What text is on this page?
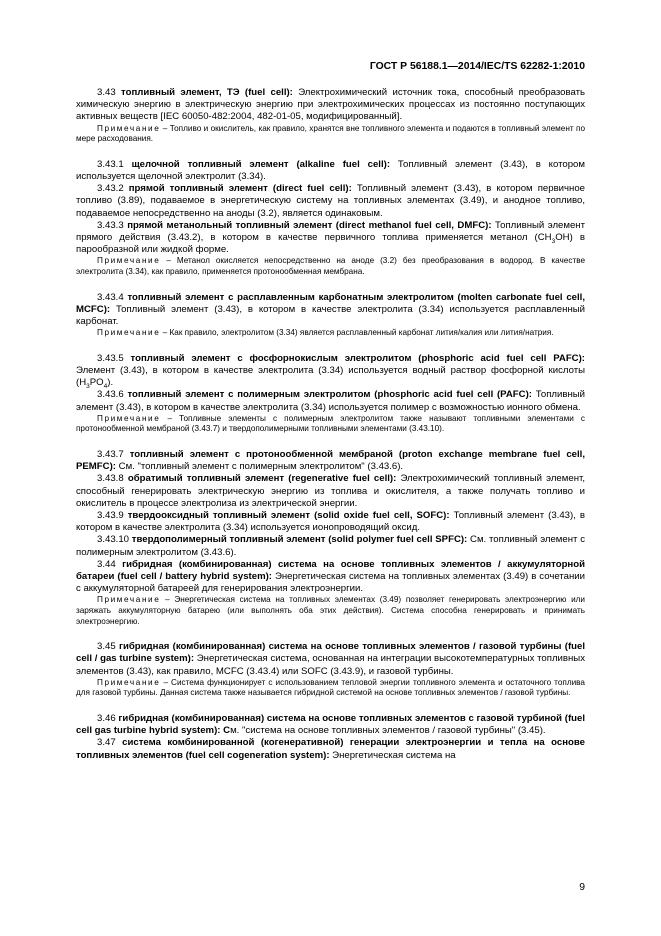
ГОСТ Р 56188.1—2014/IEC/TS 62282-1:2010

3.43 топливный элемент, ТЭ (fuel cell): Электрохимический источник тока, способный преобразовать химическую энергию в электрическую энергию при электрохимических процессах из постоянно поступающих активных веществ [IEC 60050-482:2004, 482-01-05, модифицированный].

Примечание – Топливо и окислитель, как правило, хранятся вне топливного элемента и подаются в топливный элемент по мере расходования.

3.43.1 щелочной топливный элемент (alkaline fuel cell): Топливный элемент (3.43), в котором используется щелочной электролит (3.34).

3.43.2 прямой топливный элемент (direct fuel cell): Топливный элемент (3.43), в котором первичное топливо (3.89), подаваемое в энергетическую систему на топливных элементах (3.49), и анодное топливо, подаваемое непосредственно на аноды (3.2), является одинаковым.

3.43.3 прямой метанольный топливный элемент (direct methanol fuel cell, DMFC): Топливный элемент прямого действия (3.43.2), в котором в качестве первичного топлива применяется метанол $(CH_3OH)$ в парообразной или жидкой форме.

Примечание – Метанол окисляется непосредственно на аноде (3.2) без преобразования в водород. В качестве электролита (3.34), как правило, применяется протонообменная мембрана.

3.43.4 топливный элемент с расплавленным карбонатным электролитом (molten carbonate fuel cell, MCFC): Топливный элемент (3.43), в котором в качестве электролита (3.34) используется расплавленный карбонат.

Примечание – Как правило, электролитом (3.34) является расплавленный карбонат лития/калия или лития/натрия.

3.43.5 топливный элемент с фосфорнокислым электролитом (phosphoric acid fuel cell PAFC): Элемент (3.43), в котором в качестве электролита (3.34) используется водный раствор фосфорной кислоты $(H_3PO_4)$.

3.43.6 топливный элемент с полимерным электролитом (phosphoric acid fuel cell (PAFC): Топливный элемент (3.43), в котором в качестве электролита (3.34) используется полимер с возможностью ионного обмена.

Примечание – Топливные элементы с полимерным электролитом также называют топливными элементами с протонообменной мембраной (3.43.7) и твердополимерными топливными элементами (3.43.10).

3.43.7 топливный элемент с протонообменной мембраной (proton exchange membrane fuel cell, PEMFC): См. "топливный элемент с полимерным электролитом" (3.43.6).

3.43.8 обратимый топливный элемент (regenerative fuel cell): Электрохимический топливный элемент, способный генерировать электрическую энергию из топлива и окислителя, а также получать топливо и окислитель в процессе электролиза из электрической энергии.

3.43.9 твердооксидный топливный элемент (solid oxide fuel cell, SOFC): Топливный элемент (3.43), в котором в качестве электролита (3.34) используется ионопроводящий оксид.

3.43.10 твердополимерный топливный элемент (solid polymer fuel cell SPFC): См. топливный элемент с полимерным электролитом (3.43.6).

3.44 гибридная (комбинированная) система на основе топливных элементов / аккумуляторной батареи (fuel cell / battery hybrid system): Энергетическая система на топливных элементах (3.49) в сочетании с аккумуляторной батареей для генерирования электроэнергии.

Примечание – Энергетическая система на топливных элементах (3.49) позволяет генерировать электроэнергию или заряжать аккумуляторную батарею (или выполнять оба этих действия). Система способна генерировать и принимать электроэнергию.

3.45 гибридная (комбинированная) система на основе топливных элементов / газовой турбины (fuel cell / gas turbine system): Энергетическая система, основанная на интеграции высокотемпературных топливных элементов (3.43), как правило, MCFC (3.43.4) или SOFC (3.43.9), и газовой турбины.

Примечание – Система функционирует с использованием тепловой энергии топливного элемента и остаточного топлива для газовой турбины. Данная система также называется гибридной системой на основе топливных элементов / газовой турбины.

3.46 гибридная (комбинированная) система на основе топливных элементов с газовой турбиной (fuel cell gas turbine hybrid system): См. "система на основе топливных элементов / газовой турбины" (3.45).

3.47 система комбинированной (когенеративной) генерации электроэнергии и тепла на основе топливных элементов (fuel cell cogeneration system): Энергетическая система на

9
